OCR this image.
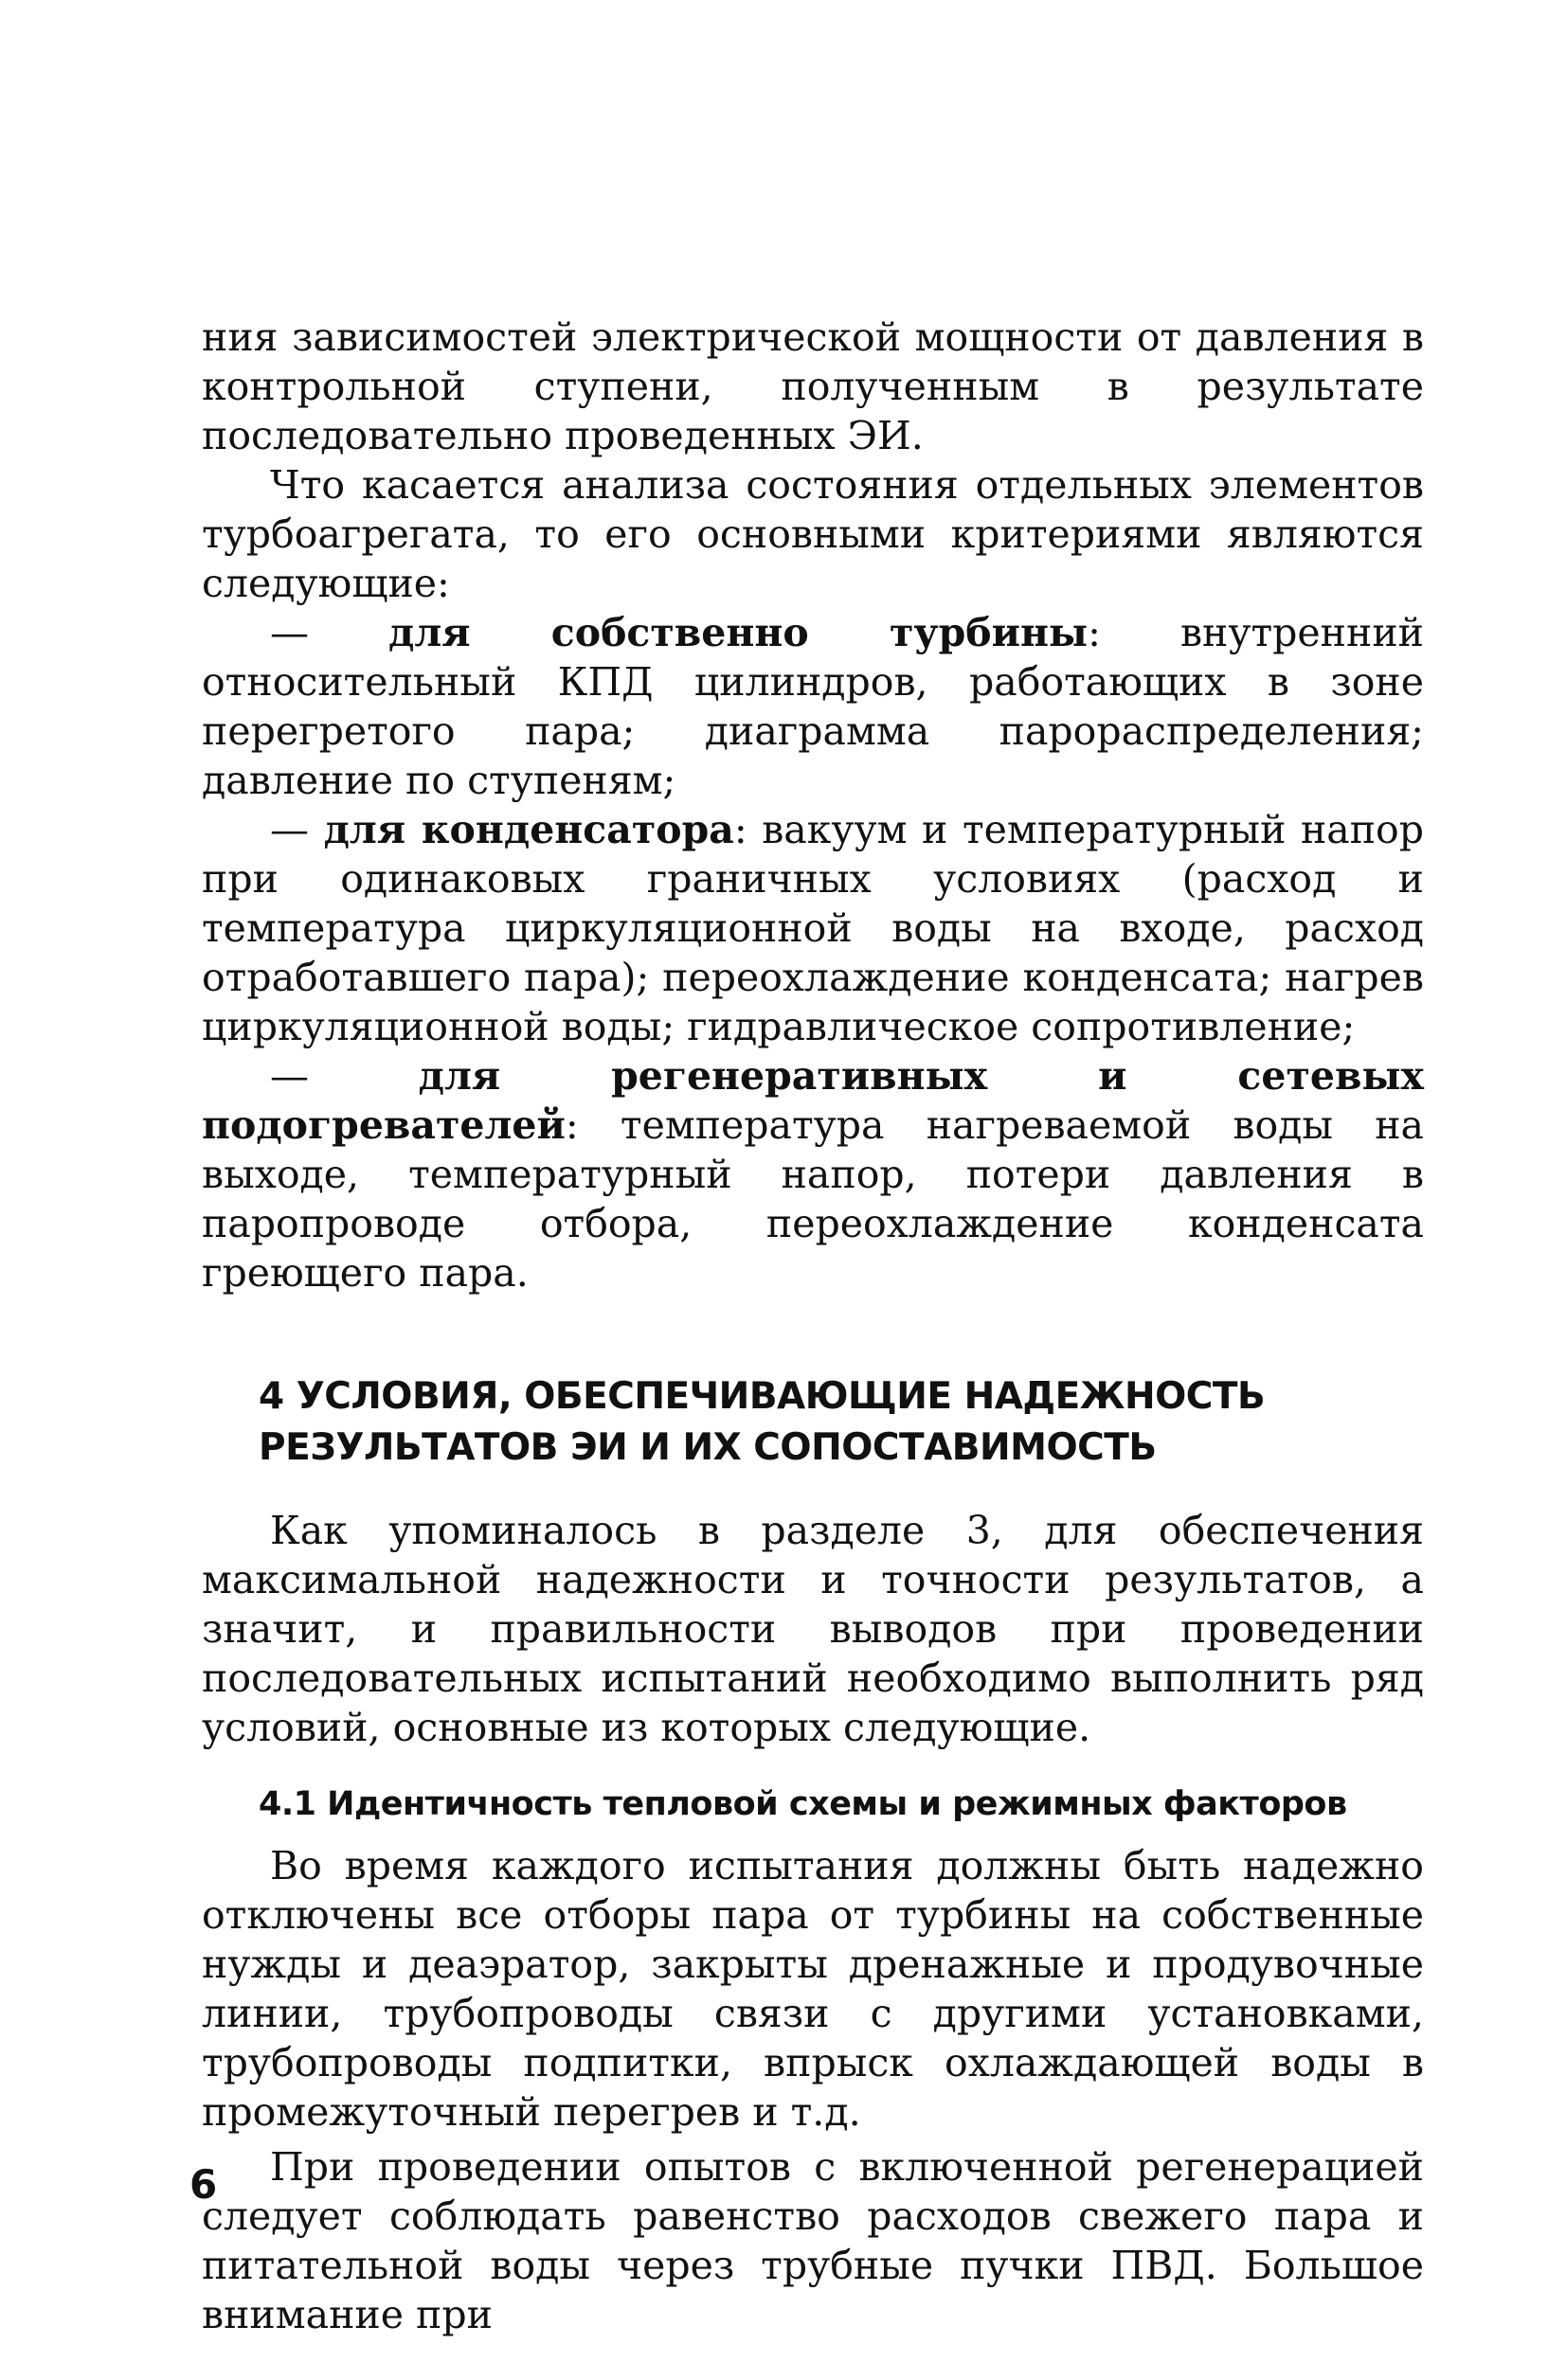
ния зависимостей электрической мощности от давления в контрольной ступени, полученным в результате последовательно проведенных ЭИ.

Что касается анализа состояния отдельных элементов турбоагрегата, то его основными критериями являются следующие:

— для собственно турбины: внутренний относительный КПД цилиндров, работающих в зоне перегретого пара; диаграмма парораспределения; давление по ступеням;

— для конденсатора: вакуум и температурный напор при одинаковых граничных условиях (расход и температура циркуляционной воды на входе, расход отработавшего пара); переохлаждение конденсата; нагрев циркуляционной воды; гидравлическое сопротивление;

— для регенеративных и сетевых подогревателей: температура нагреваемой воды на выходе, температурный напор, потери давления в паропроводе отбора, переохлаждение конденсата греющего пара.

4 УСЛОВИЯ, ОБЕСПЕЧИВАЮЩИЕ НАДЕЖНОСТЬ
РЕЗУЛЬТАТОВ ЭИ И ИХ СОПОСТАВИМОСТЬ

Как упоминалось в разделе 3, для обеспечения максимальной надежности и точности результатов, а значит, и правильности выводов при проведении последовательных испытаний необходимо выполнить ряд условий, основные из которых следующие.

4.1 Идентичность тепловой схемы и режимных факторов

Во время каждого испытания должны быть надежно отключены все отборы пара от турбины на собственные нужды и деаэратор, закрыты дренажные и продувочные линии, трубопроводы связи с другими установками, трубопроводы подпитки, впрыск охлаждающей воды в промежуточный перегрев и т.д.

При проведении опытов с включенной регенерацией следует соблюдать равенство расходов свежего пара и питательной воды через трубные пучки ПВД. Большое внимание при

6
